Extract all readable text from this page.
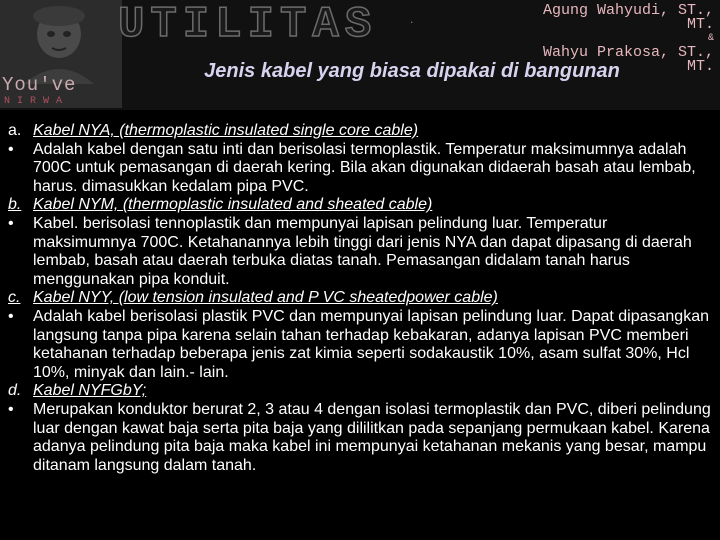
You've
NIRWA
UTILITAS	.	Agung Wahyudi, ST., MT.
&
Wahyu Prakosa, ST., MT.
Jenis kabel yang biasa dipakai di bangunan
a. Kabel NYA, (thermoplastic insulated single core cable)
•	Adalah kabel dengan satu inti dan berisolasi termoplastik. Temperatur maksimumnya adalah 700C untuk pemasangan di daerah kering. Bila akan digunakan didaerah basah atau lembab, harus. dimasukkan kedalam pipa PVC.
b. Kabel NYM, (thermoplastic insulated and sheated cable)
•	Kabel. berisolasi tennoplastik dan mempunyai lapisan pelindung luar. Temperatur maksimumnya 700C. Ketahanannya lebih tinggi dari jenis NYA dan dapat dipasang di daerah lembab, basah atau daerah terbuka diatas tanah. Pemasangan didalam tanah harus menggunakan pipa konduit.
c. Kabel NYY, (low tension insulated and P VC sheatedpower cable)
•	Adalah kabel berisolasi plastik PVC dan mempunyai lapisan pelindung luar. Dapat dipasangkan langsung tanpa pipa karena selain tahan terhadap kebakaran, adanya lapisan PVC memberi ketahanan terhadap beberapa jenis zat kimia seperti sodakaustik 10%, asam sulfat 30%, Hcl 10%, minyak dan lain.- lain.
d. Kabel NYFGbY;
•	Merupakan konduktor berurat 2, 3 atau 4 dengan isolasi termoplastik dan PVC, diberi pelindung luar dengan kawat baja serta pita baja yang dililitkan pada sepanjang permukaan kabel. Karena adanya pelindung pita baja maka kabel ini mempunyai ketahanan mekanis yang besar, mampu ditanam langsung dalam tanah.
